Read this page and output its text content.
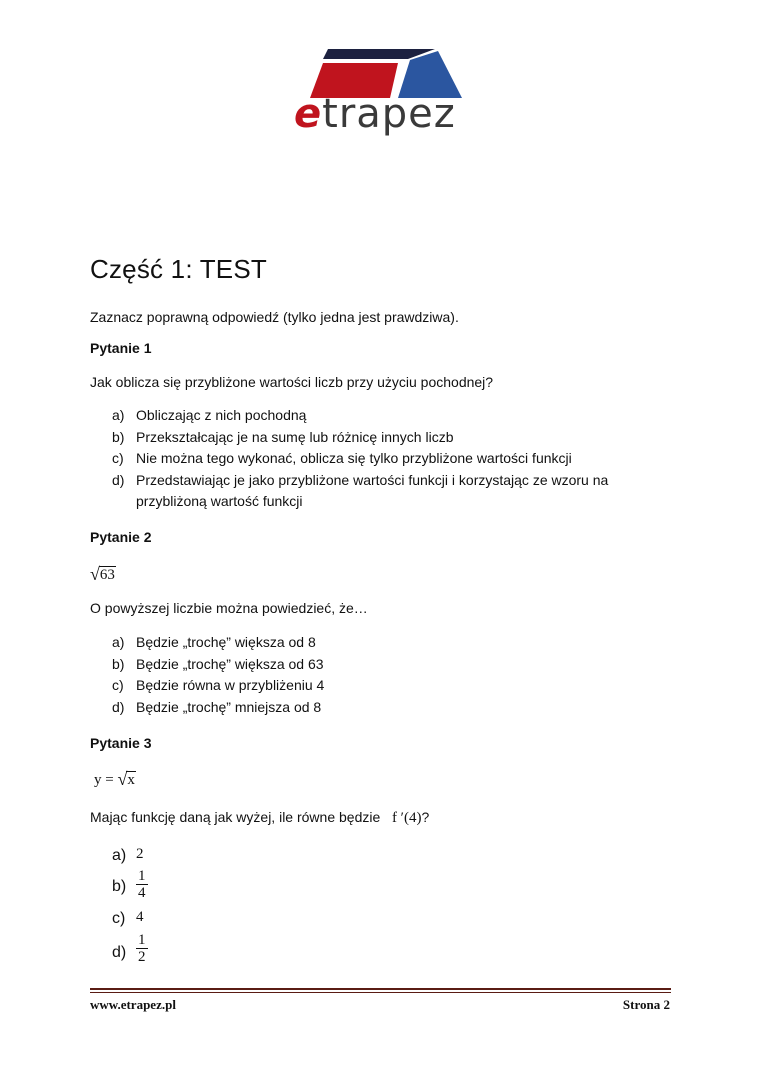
etrapez
Część 1: TEST
Zaznacz poprawną odpowiedź (tylko jedna jest prawdziwa).
Pytanie 1
Jak oblicza się przybliżone wartości liczb przy użyciu pochodnej?
a) Obliczając z nich pochodną
b) Przekształcając je na sumę lub różnicę innych liczb
c) Nie można tego wykonać, oblicza się tylko przybliżone wartości funkcji
d) Przedstawiając je jako przybliżone wartości funkcji i korzystając ze wzoru na
przybliżoną wartość funkcji
Pytanie 2
√63
O powyższej liczbie można powiedzieć, że…
a) Będzie „trochę” większa od 8
b) Będzie „trochę” większa od 63
c) Będzie równa w przybliżeniu 4
d) Będzie „trochę” mniejsza od 8
Pytanie 3
y = √x
Mając funkcję daną jak wyżej, ile równe będzie f ′(4)?
a) 2
$b) \frac{1}{4}$
c) 4
$d) \frac{1}{2}$
www.etrapez.pl	Strona 2
